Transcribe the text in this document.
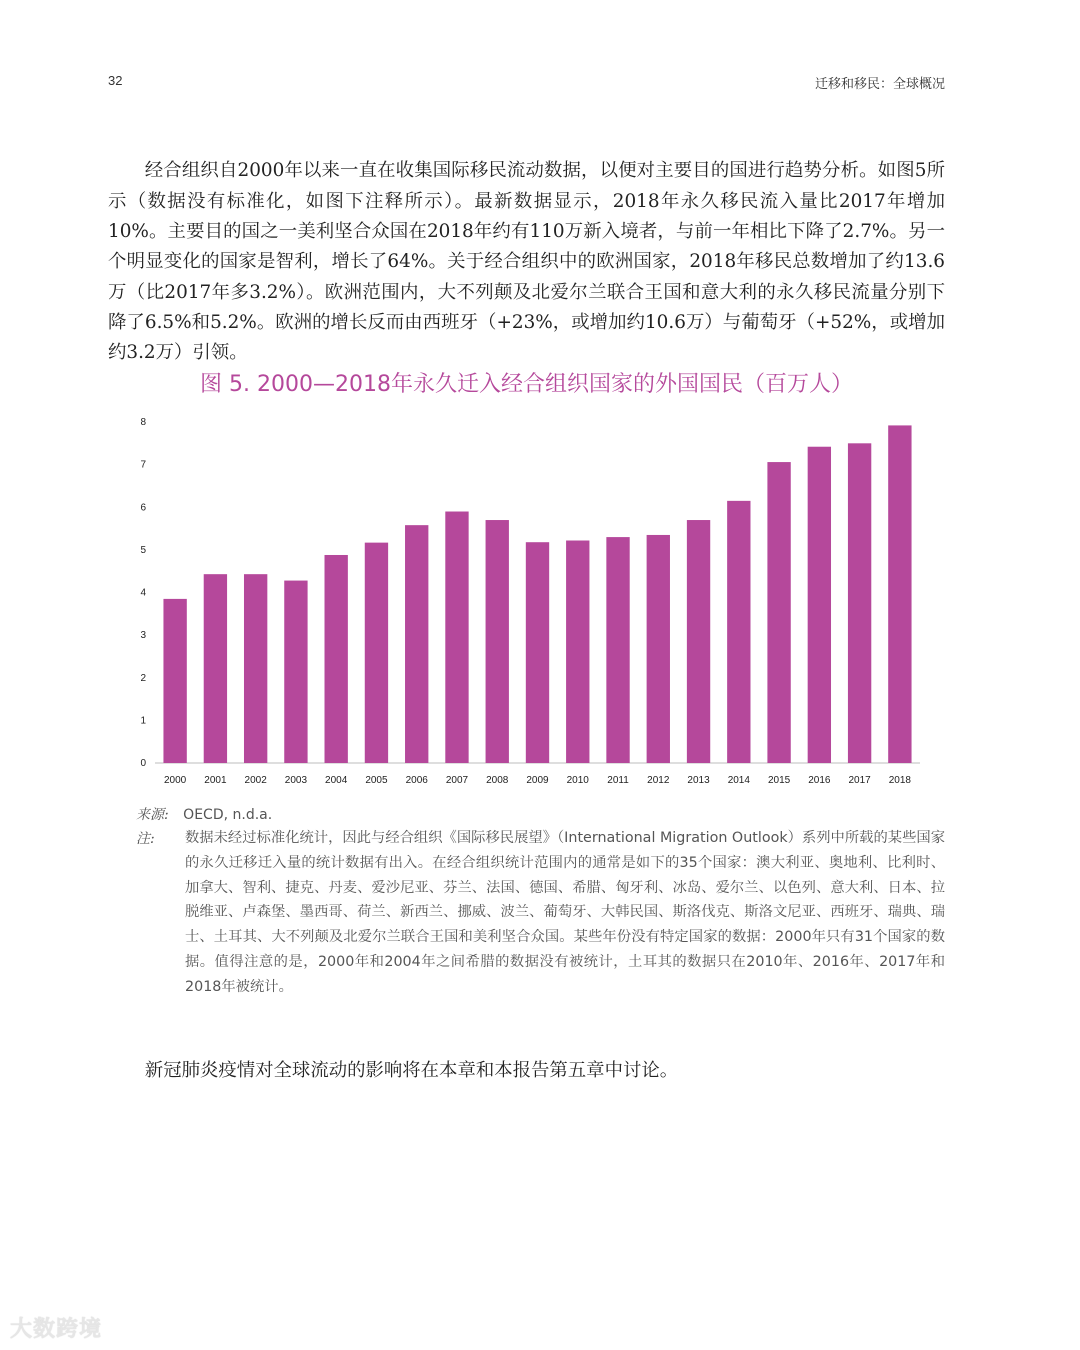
32	迁移和移民：全球概况

经合组织自2000年以来一直在收集国际移民流动数据，以便对主要目的国进行趋势分析。如图5所示（数据没有标准化，如图下注释所示）。最新数据显示，2018年永久移民流入量比2017年增加10%。主要目的国之一美利坚合众国在2018年约有110万新入境者，与前一年相比下降了2.7%。另一个明显变化的国家是智利，增长了64%。关于经合组织中的欧洲国家，2018年移民总数增加了约13.6万（比2017年多3.2%）。欧洲范围内，大不列颠及北爱尔兰联合王国和意大利的永久移民流量分别下降了6.5%和5.2%。欧洲的增长反而由西班牙（+23%，或增加约10.6万）与葡萄牙（+52%，或增加约3.2万）引领。

图 5. 2000—2018年永久迁入经合组织国家的外国国民（百万人）
0
1
2
3
4
5
6
7
8
2000 2001 2002 2003 2004 2005 2006 2007 2008 2009 2010 2011 2012 2013 2014 2015 2016 2017 2018
来源: OECD, n.d.a.
注: 数据未经过标准化统计，因此与经合组织《国际移民展望》（International Migration Outlook）系列中所载的某些国家的永久迁移迁入量的统计数据有出入。在经合组织统计范围内的通常是如下的35个国家：澳大利亚、奥地利、比利时、加拿大、智利、捷克、丹麦、爱沙尼亚、芬兰、法国、德国、希腊、匈牙利、冰岛、爱尔兰、以色列、意大利、日本、拉脱维亚、卢森堡、墨西哥、荷兰、新西兰、挪威、波兰、葡萄牙、大韩民国、斯洛伐克、斯洛文尼亚、西班牙、瑞典、瑞士、土耳其、大不列颠及北爱尔兰联合王国和美利坚合众国。某些年份没有特定国家的数据：2000年只有31个国家的数据。值得注意的是，2000年和2004年之间希腊的数据没有被统计，土耳其的数据只在2010年、2016年、2017年和2018年被统计。

新冠肺炎疫情对全球流动的影响将在本章和本报告第五章中讨论。

大数跨境
